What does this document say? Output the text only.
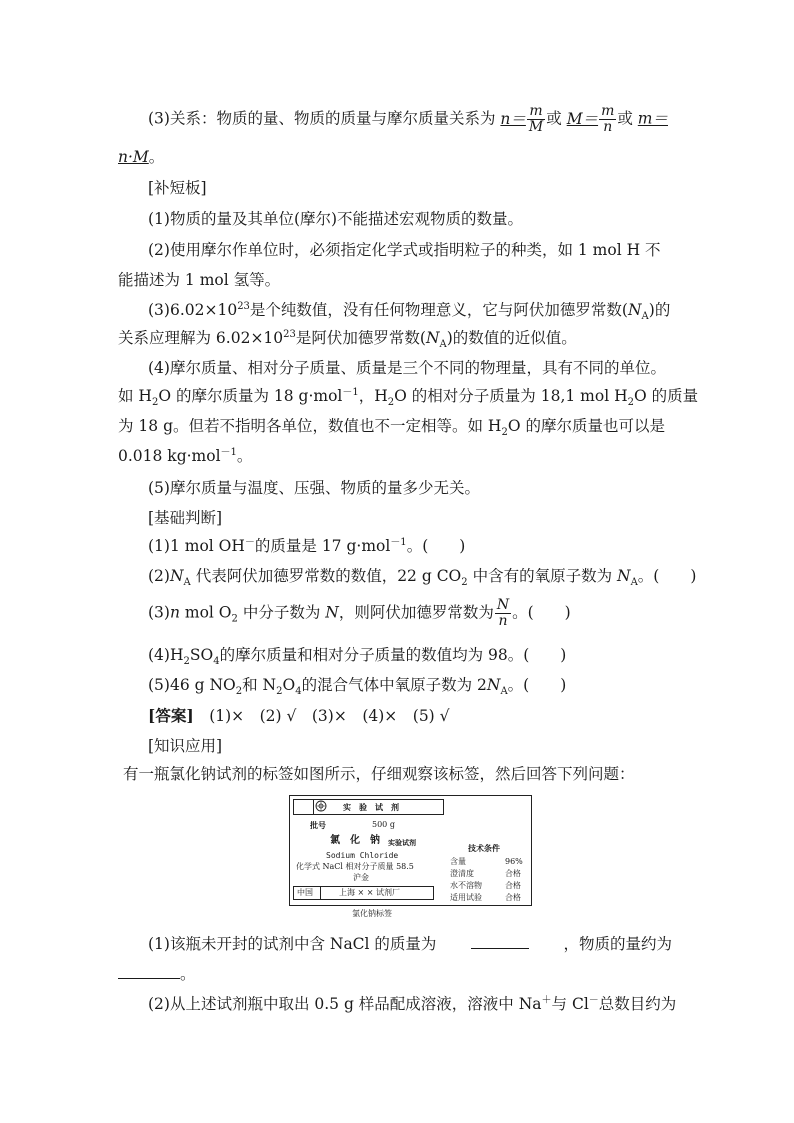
(3)关系：物质的量、物质的质量与摩尔质量关系为 $n= \frac{m}{M}$ 或 $M= \frac{m}{n}$ 或 m＝
n·M。
[补短板]
(1)物质的量及其单位(摩尔)不能描述宏观物质的数量。
(2)使用摩尔作单位时，必须指定化学式或指明粒子的种类，如 1 mol H 不
能描述为 1 mol 氢等。
$(3)6.02\times 10^{23}$是个纯数值，没有任何物理意义，它与阿伏加德罗常数$(N_A)$的
关系应理解为 $6.02\times 10^{23}$是阿伏加德罗常数$(N_A)$的数值的近似值。
(4)摩尔质量、相对分子质量、质量是三个不同的物理量，具有不同的单位。
如 $H_2O$ 的摩尔质量为 18 g·mol$^{-1}$，$H_2O$ 的相对分子质量为 18,1 mol $H_2O$ 的质量
为 18 g。但若不指明各单位，数值也不一定相等。如 $H_2O$ 的摩尔质量也可以是
0.018 kg·mol$^{-1}$。
(5)摩尔质量与温度、压强、物质的量多少无关。
[基础判断]
(1)1 mol OH－的质量是 17 g·mol$^{-1}$。(　　)
$(2)N_A$ 代表阿伏加德罗常数的数值，22 g $CO_2$ 中含有的氧原子数为 $N_A$。(　　)
(3)n mol $O_2$ 中分子数为 N，则阿伏加德罗常数为 $\frac{N}{n}$ 。(　　)
$(4)H_2SO_4$的摩尔质量和相对分子质量的数值均为 98。(　　)
(5)46 g $NO_2$和 $N_2O_4$的混合气体中氧原子数为 $2N_A$。(　　)
[答案]　 (1)×　(2) √　(3)×　(4)×　(5) √
[知识应用]
有一瓶氯化钠试剂的标签如图所示，仔细观察该标签，然后回答下列问题：
实　验　试　剂
批号	500 g
氯　化　钠 实验试剂
Sodium Chloride
化学式 NaCl 相对分子质量 58.5
沪金
技术条件
含量	96%
澄清度	合格
水不溶物	合格
适用试验	合格
中国	上海 × × 试剂厂
氯化钠标签
(1)该瓶未开封的试剂中含 NaCl 的质量为	，物质的量约为
。
(2)从上述试剂瓶中取出 0.5 g 样品配成溶液，溶液中 Na＋与 Cl－总数目约为
